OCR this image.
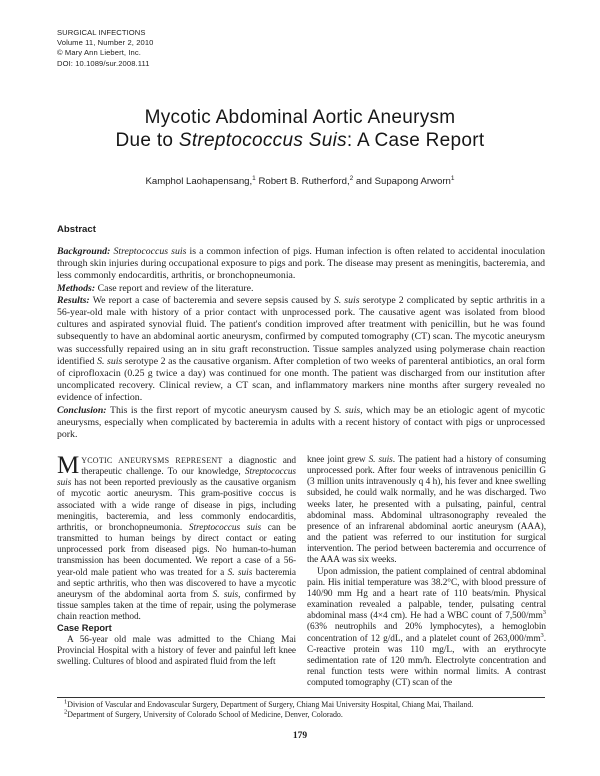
SURGICAL INFECTIONS
Volume 11, Number 2, 2010
© Mary Ann Liebert, Inc.
DOI: 10.1089/sur.2008.111
Mycotic Abdominal Aortic Aneurysm
Due to Streptococcus Suis: A Case Report
Kamphol Laohapensang,$^1$ Robert B. Rutherford,$^2$ and Supapong Arworn$^1$
Abstract

Background: Streptococcus suis is a common infection of pigs. Human infection is often related to accidental inoculation through skin injuries during occupational exposure to pigs and pork. The disease may present as meningitis, bacteremia, and less commonly endocarditis, arthritis, or bronchopneumonia.

Methods: Case report and review of the literature.

Results: We report a case of bacteremia and severe sepsis caused by S. suis serotype 2 complicated by septic arthritis in a 56-year-old male with history of a prior contact with unprocessed pork. The causative agent was isolated from blood cultures and aspirated synovial fluid. The patient's condition improved after treatment with penicillin, but he was found subsequently to have an abdominal aortic aneurysm, confirmed by computed tomography (CT) scan. The mycotic aneurysm was successfully repaired using an in situ graft reconstruction. Tissue samples analyzed using polymerase chain reaction identified S. suis serotype 2 as the causative organism. After completion of two weeks of parenteral antibiotics, an oral form of ciprofloxacin (0.25 g twice a day) was continued for one month. The patient was discharged from our institution after uncomplicated recovery. Clinical review, a CT scan, and inflammatory markers nine months after surgery revealed no evidence of infection.

Conclusion: This is the first report of mycotic aneurysm caused by S. suis, which may be an etiologic agent of mycotic aneurysms, especially when complicated by bacteremia in adults with a recent history of contact with pigs or unprocessed pork.

MYCOTIC ANEURYSMS REPRESENT a diagnostic and therapeutic challenge. To our knowledge, Streptococcus suis has not been reported previously as the causative organism of mycotic aortic aneurysm. This gram-positive coccus is associated with a wide range of disease in pigs, including meningitis, bacteremia, and less commonly endocarditis, arthritis, or bronchopneumonia. Streptococcus suis can be transmitted to human beings by direct contact or eating unprocessed pork from diseased pigs. No human-to-human transmission has been documented. We report a case of a 56-year-old male patient who was treated for a S. suis bacteremia and septic arthritis, who then was discovered to have a mycotic aneurysm of the abdominal aorta from S. suis, confirmed by tissue samples taken at the time of repair, using the polymerase chain reaction method.

Case Report

A 56-year old male was admitted to the Chiang Mai Provincial Hospital with a history of fever and painful left knee swelling. Cultures of blood and aspirated fluid from the left

knee joint grew S. suis. The patient had a history of consuming unprocessed pork. After four weeks of intravenous penicillin G (3 million units intravenously q 4 h), his fever and knee swelling subsided, he could walk normally, and he was discharged. Two weeks later, he presented with a pulsating, painful, central abdominal mass. Abdominal ultrasonography revealed the presence of an infrarenal abdominal aortic aneurysm (AAA), and the patient was referred to our institution for surgical intervention. The period between bacteremia and occurrence of the AAA was six weeks.

Upon admission, the patient complained of central abdominal pain. His initial temperature was 38.2°C, with blood pressure of 140/90 mm Hg and a heart rate of 110 beats/min. Physical examination revealed a palpable, tender, pulsating central abdominal mass (4×4 cm). He had a WBC count of $7,500/mm^3$ (63% neutrophils and 20% lymphocytes), a hemoglobin concentration of 12 g/dL, and a platelet count of $263,000/mm^3$. C-reactive protein was 110 mg/L, with an erythrocyte sedimentation rate of 120 mm/h. Electrolyte concentration and renal function tests were within normal limits. A contrast computed tomography (CT) scan of the

$^1$Division of Vascular and Endovascular Surgery, Department of Surgery, Chiang Mai University Hospital, Chiang Mai, Thailand.
$^2$Department of Surgery, University of Colorado School of Medicine, Denver, Colorado.
179
